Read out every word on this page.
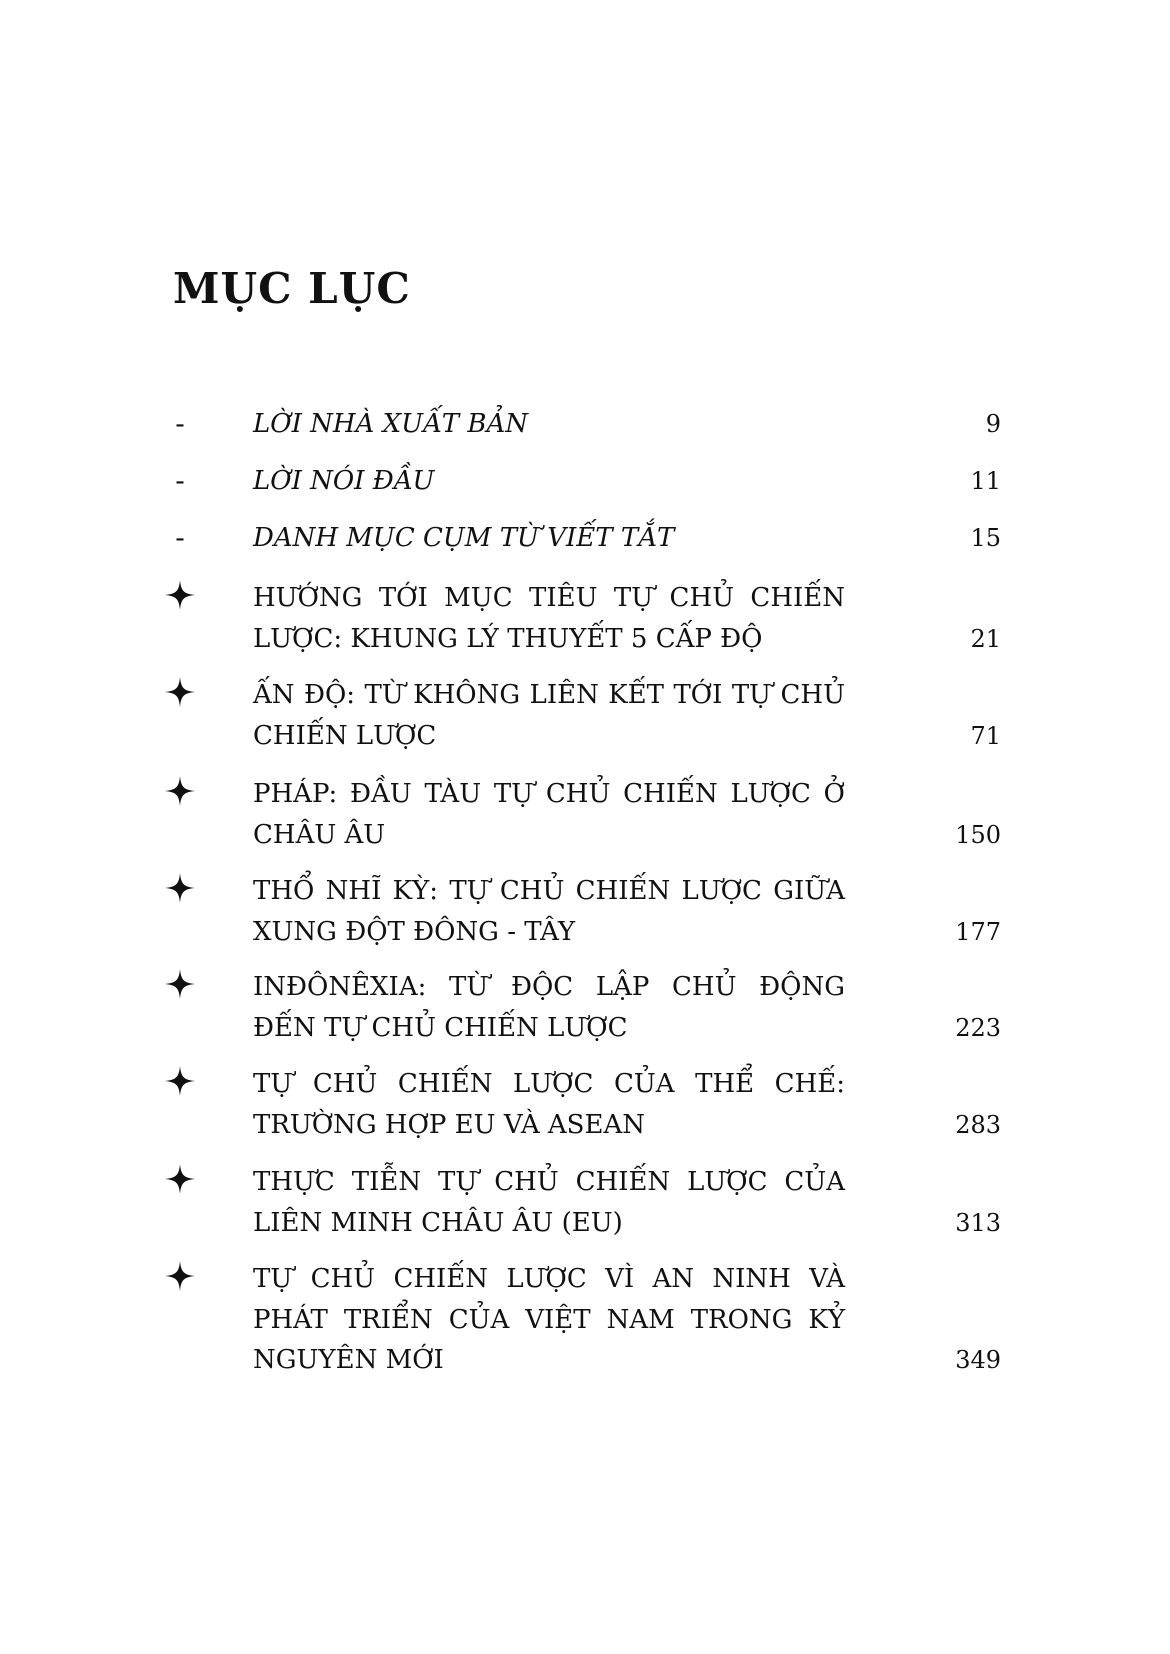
MỤC LỤC
-	LỜI NHÀ XUẤT BẢN	9
-	LỜI NÓI ĐẦU	11
-	DANH MỤC CỤM TỪ VIẾT TẮT	15
HƯỚNG TỚI MỤC TIÊU TỰ CHỦ CHIẾN
LƯỢC: KHUNG LÝ THUYẾT 5 CẤP ĐỘ	21
ẤN ĐỘ: TỪ KHÔNG LIÊN KẾT TỚI TỰ CHỦ
CHIẾN LƯỢC	71
PHÁP: ĐẦU TÀU TỰ CHỦ CHIẾN LƯỢC Ở
CHÂU ÂU	150
THỔ NHĨ KỲ: TỰ CHỦ CHIẾN LƯỢC GIỮA
XUNG ĐỘT ĐÔNG - TÂY	177
INĐÔNÊXIA: TỪ ĐỘC LẬP CHỦ ĐỘNG
ĐẾN TỰ CHỦ CHIẾN LƯỢC	223
TỰ CHỦ CHIẾN LƯỢC CỦA THỂ CHẾ:
TRƯỜNG HỢP EU VÀ ASEAN	283
THỰC TIỄN TỰ CHỦ CHIẾN LƯỢC CỦA
LIÊN MINH CHÂU ÂU (EU)	313
TỰ CHỦ CHIẾN LƯỢC VÌ AN NINH VÀ
PHÁT TRIỂN CỦA VIỆT NAM TRONG KỶ
NGUYÊN MỚI	349
